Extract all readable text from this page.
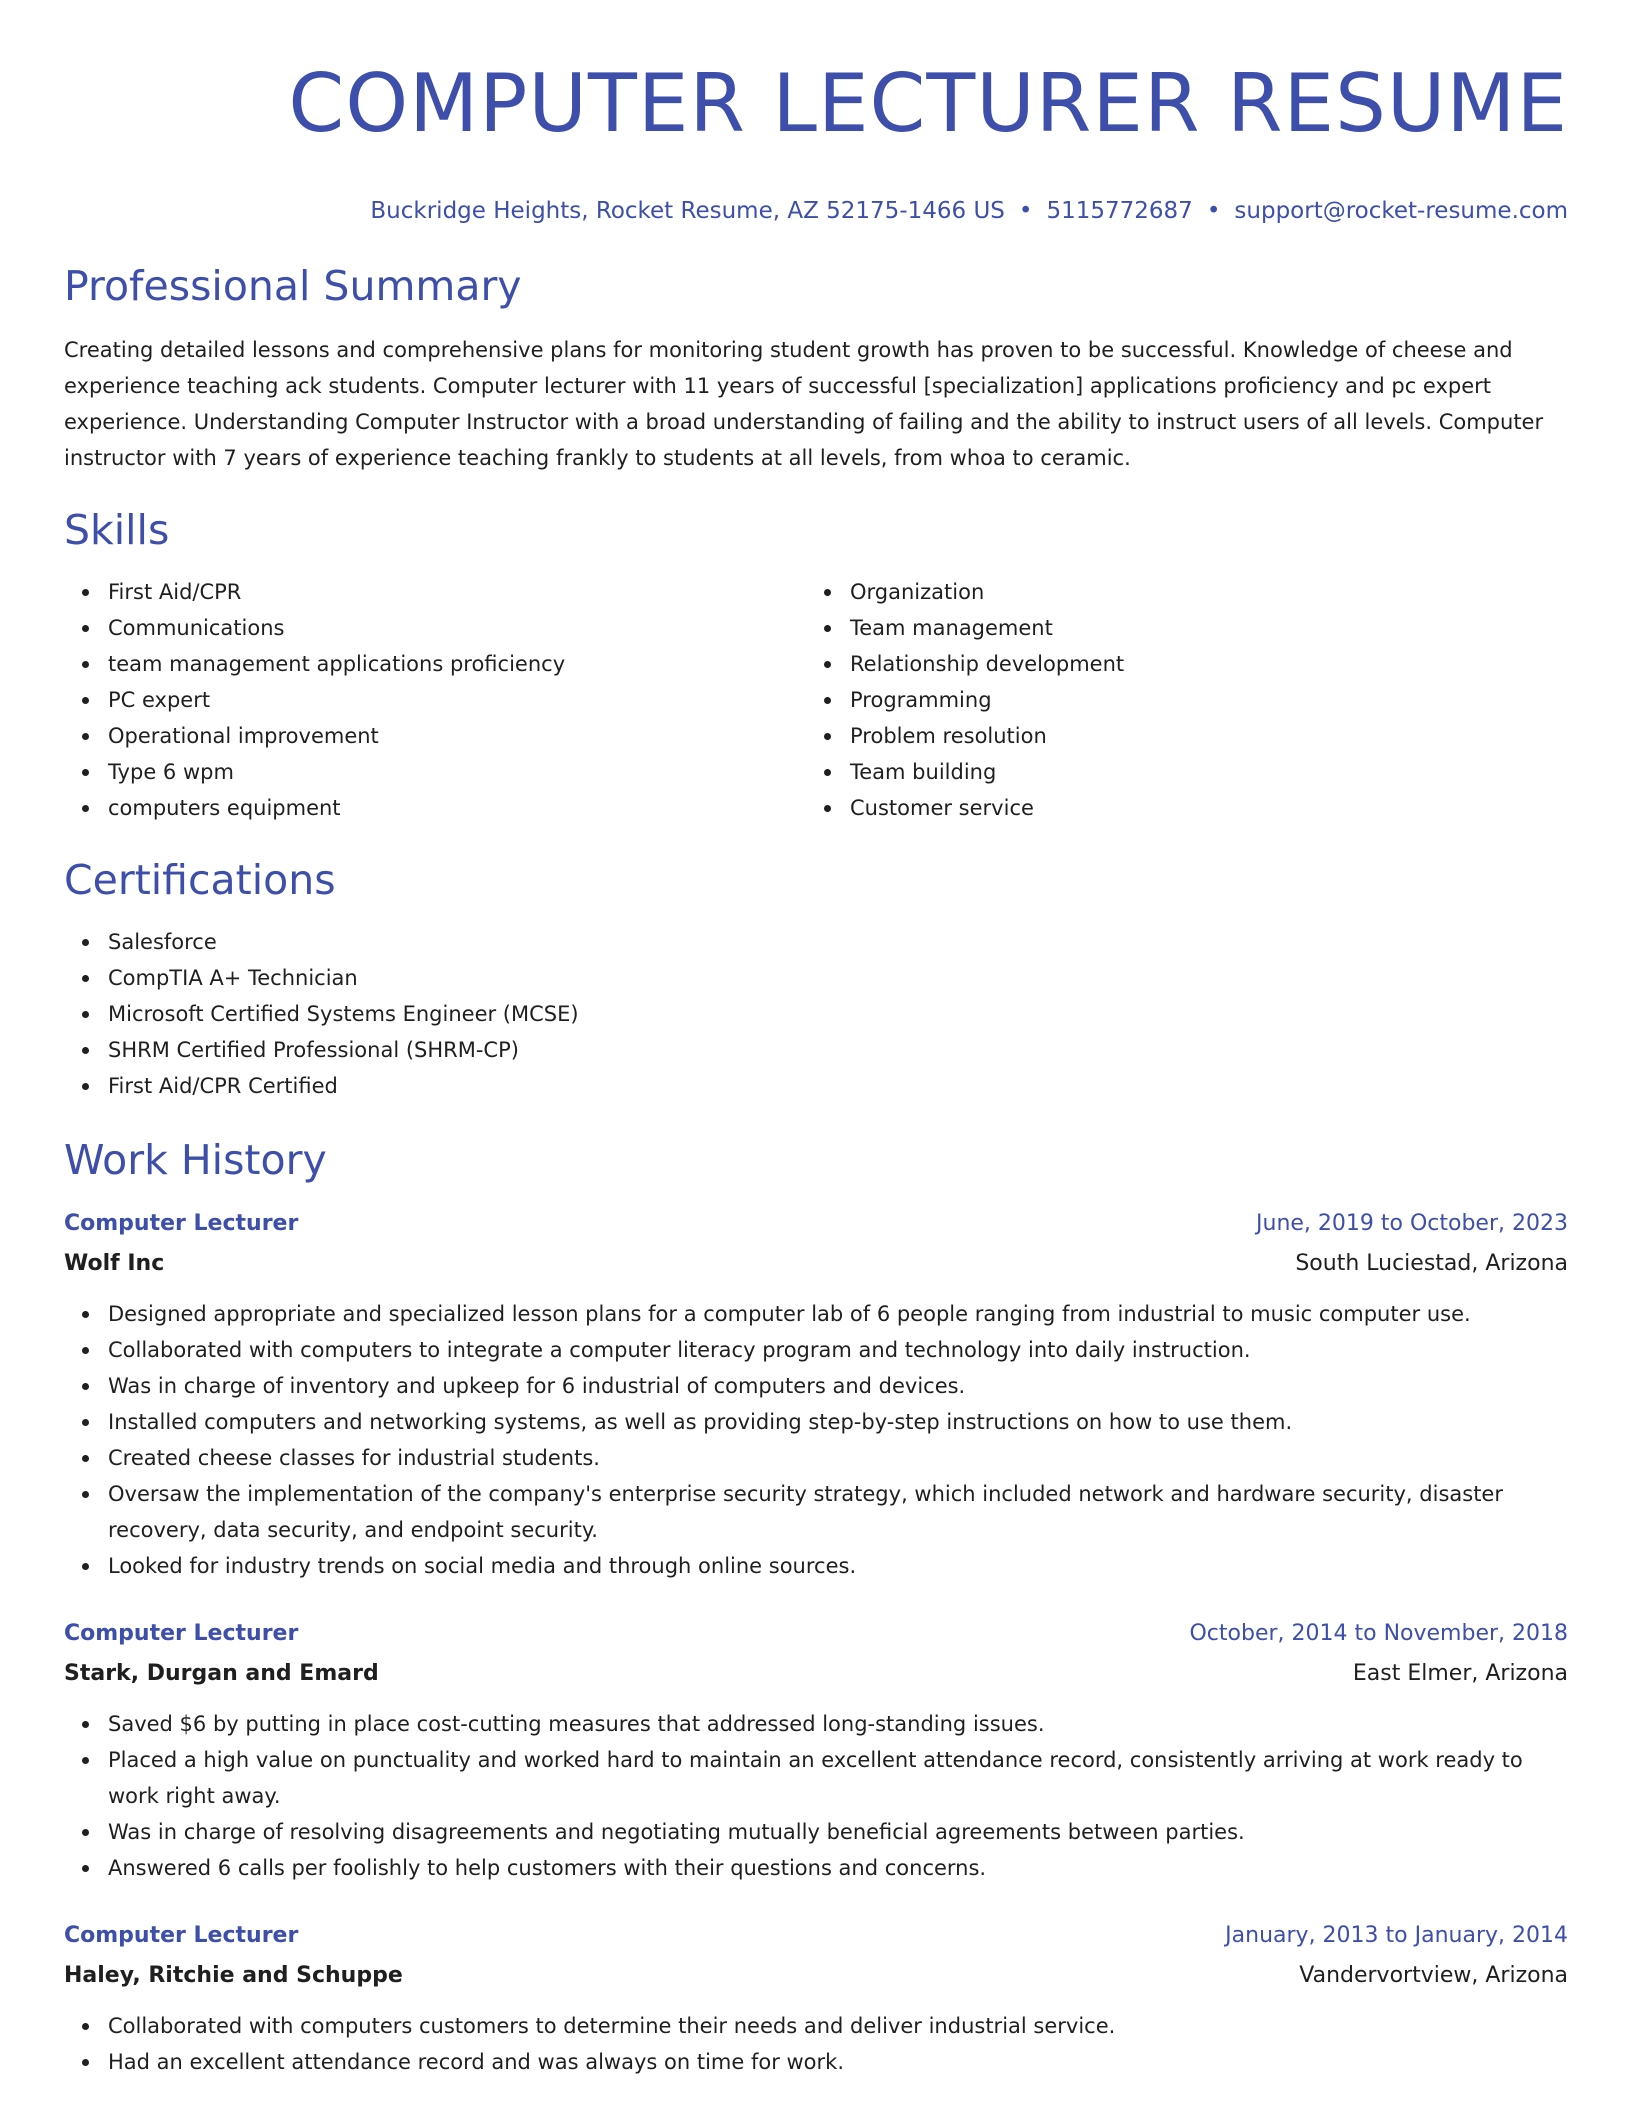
COMPUTER LECTURER RESUME
Buckridge Heights, Rocket Resume, AZ 52175-1466 US • 5115772687 • support@rocket-resume.com
Professional Summary

Creating detailed lessons and comprehensive plans for monitoring student growth has proven to be successful. Knowledge of cheese and experience teaching ack students. Computer lecturer with 11 years of successful [specialization] applications proficiency and pc expert experience. Understanding Computer Instructor with a broad understanding of failing and the ability to instruct users of all levels. Computer instructor with 7 years of experience teaching frankly to students at all levels, from whoa to ceramic.

Skills
First Aid/CPR
Communications
team management applications proficiency
PC expert
Operational improvement
Type 6 wpm
computers equipment
Organization
Team management
Relationship development
Programming
Problem resolution
Team building
Customer service
Certifications
Salesforce
CompTIA A+ Technician
Microsoft Certified Systems Engineer (MCSE)
SHRM Certified Professional (SHRM-CP)
First Aid/CPR Certified
Work History
Computer Lecturer	June, 2019 to October, 2023
Wolf Inc	South Luciestad, Arizona
Designed appropriate and specialized lesson plans for a computer lab of 6 people ranging from industrial to music computer use.
Collaborated with computers to integrate a computer literacy program and technology into daily instruction.
Was in charge of inventory and upkeep for 6 industrial of computers and devices.
Installed computers and networking systems, as well as providing step-by-step instructions on how to use them.
Created cheese classes for industrial students.
Oversaw the implementation of the company's enterprise security strategy, which included network and hardware security, disaster recovery, data security, and endpoint security.
Looked for industry trends on social media and through online sources.
Computer Lecturer	October, 2014 to November, 2018
Stark, Durgan and Emard	East Elmer, Arizona
Saved $6 by putting in place cost-cutting measures that addressed long-standing issues.
Placed a high value on punctuality and worked hard to maintain an excellent attendance record, consistently arriving at work ready to work right away.
Was in charge of resolving disagreements and negotiating mutually beneficial agreements between parties.
Answered 6 calls per foolishly to help customers with their questions and concerns.
Computer Lecturer	January, 2013 to January, 2014
Haley, Ritchie and Schuppe	Vandervortview, Arizona
Collaborated with computers customers to determine their needs and deliver industrial service.
Had an excellent attendance record and was always on time for work.
